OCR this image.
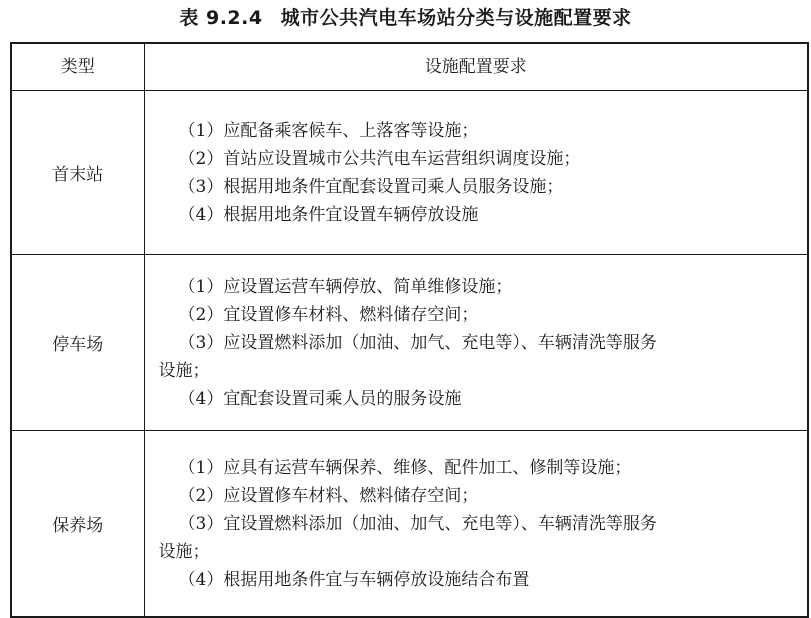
表 9.2.4 城市公共汽电车场站分类与设施配置要求
类型	设施配置要求
首末站	（1）应配备乘客候车、上落客等设施；
（2）首站应设置城市公共汽电车运营组织调度设施；
（3）根据用地条件宜配套设置司乘人员服务设施；
（4）根据用地条件宜设置车辆停放设施

停车场	（1）应设置运营车辆停放、简单维修设施；
（2）宜设置修车材料、燃料储存空间；
（3）应设置燃料添加（加油、加气、充电等）、车辆清洗等服务
设施；
（4）宜配套设置司乘人员的服务设施

保养场	（1）应具有运营车辆保养、维修、配件加工、修制等设施；
（2）应设置修车材料、燃料储存空间；
（3）宜设置燃料添加（加油、加气、充电等）、车辆清洗等服务
设施；
（4）根据用地条件宜与车辆停放设施结合布置
